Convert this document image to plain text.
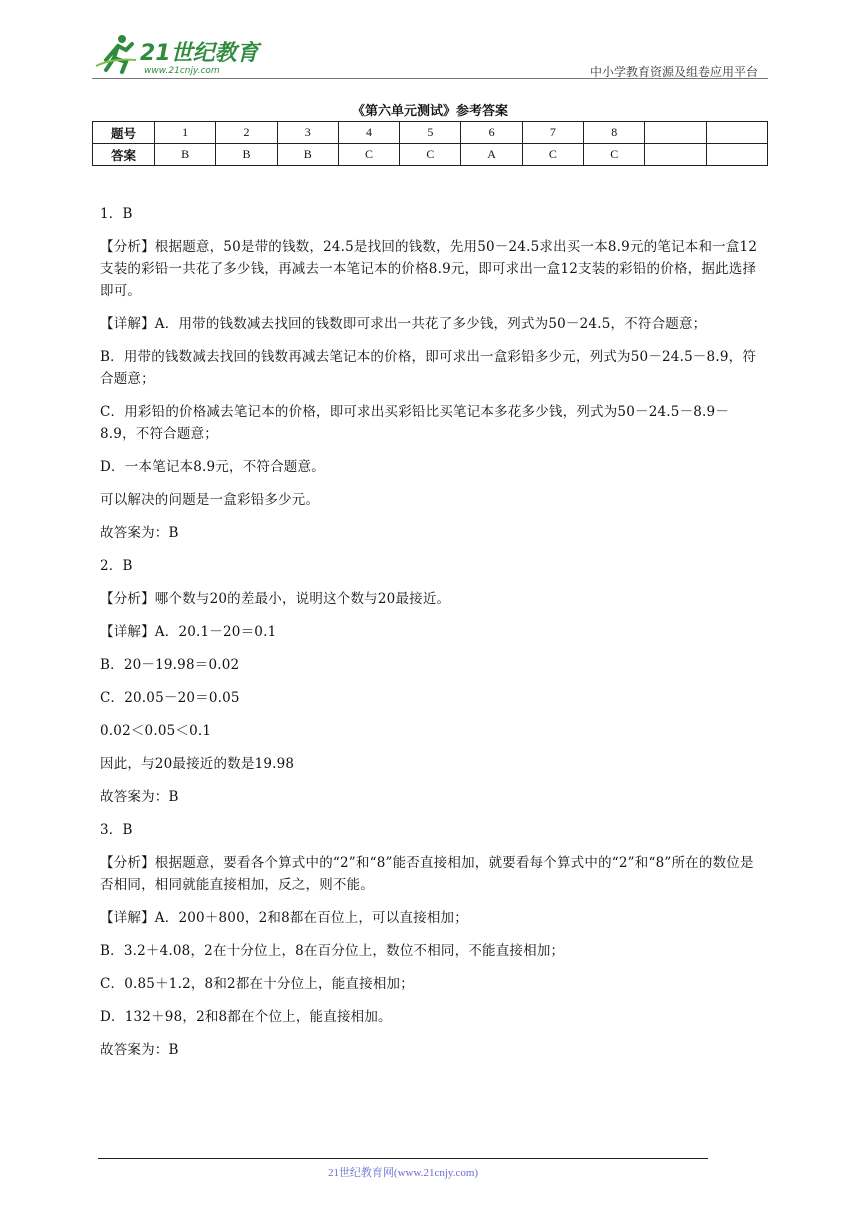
21世纪教育
www.21cnjy.com	中小学教育资源及组卷应用平台
《第六单元测试》参考答案
题号	1	2	3	4	5	6	7	8		
答案	B	B	B	C	C	A	C	C		

1．B

【分析】根据题意，50是带的钱数，24.5是找回的钱数，先用50－24.5求出买一本8.9元的笔记本和一盒12支装的彩铅一共花了多少钱，再减去一本笔记本的价格8.9元，即可求出一盒12支装的彩铅的价格，据此选择即可。

【详解】A．用带的钱数减去找回的钱数即可求出一共花了多少钱，列式为50－24.5，不符合题意；

B．用带的钱数减去找回的钱数再减去笔记本的价格，即可求出一盒彩铅多少元，列式为50－24.5－8.9，符合题意；

C．用彩铅的价格减去笔记本的价格，即可求出买彩铅比买笔记本多花多少钱，列式为50－24.5－8.9－8.9，不符合题意；

D．一本笔记本8.9元，不符合题意。

可以解决的问题是一盒彩铅多少元。

故答案为：B

2．B

【分析】哪个数与20的差最小，说明这个数与20最接近。

【详解】A．20.1－20＝0.1

B．20－19.98＝0.02

C．20.05－20＝0.05

0.02＜0.05＜0.1

因此，与20最接近的数是19.98

故答案为：B

3．B

【分析】根据题意，要看各个算式中的“2”和“8”能否直接相加，就要看每个算式中的“2”和“8”所在的数位是否相同，相同就能直接相加，反之，则不能。

【详解】A．200＋800，2和8都在百位上，可以直接相加；

B．3.2＋4.08，2在十分位上，8在百分位上，数位不相同，不能直接相加；

C．0.85＋1.2，8和2都在十分位上，能直接相加；

D．132＋98，2和8都在个位上，能直接相加。

故答案为：B

21世纪教育网(www.21cnjy.com)
